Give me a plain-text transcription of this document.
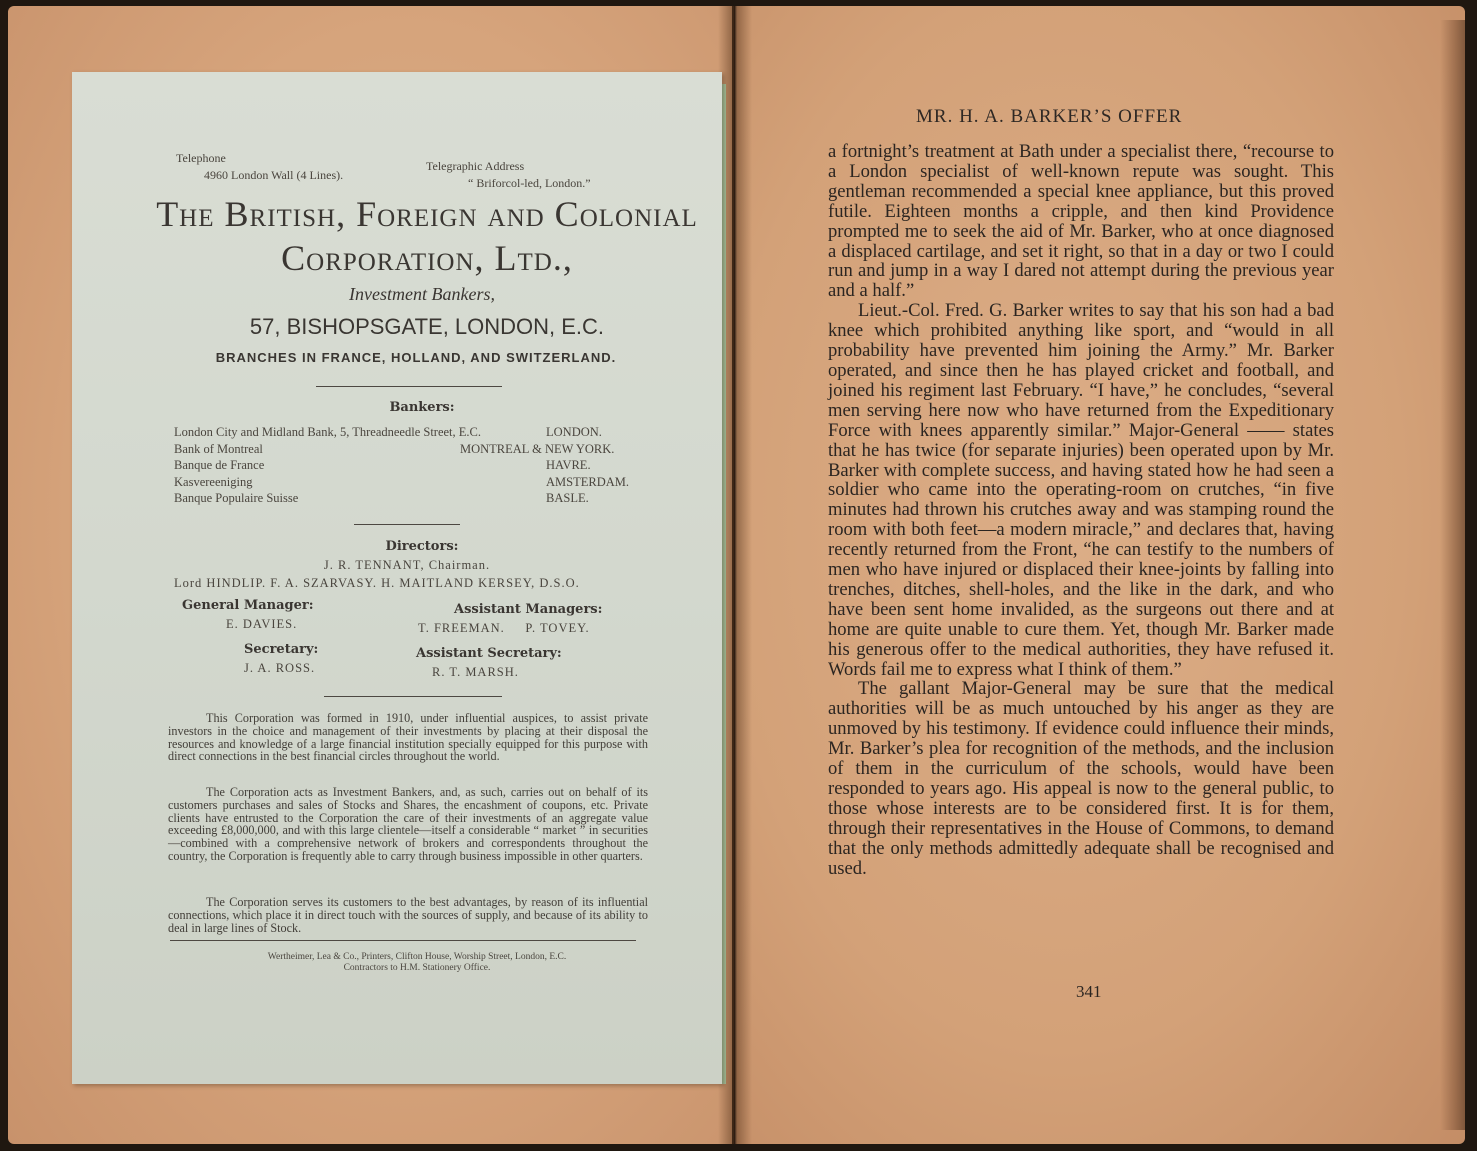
Telephone
4960 London Wall (4 Lines).
Telegraphic Address
“ Briforcol-led, London.”
The British, Foreign and Colonial
Corporation, Ltd.,
Investment Bankers,
57, BISHOPSGATE, LONDON, E.C.
BRANCHES IN FRANCE, HOLLAND, AND SWITZERLAND.
Bankers:
London City and Midland Bank, 5, Threadneedle Street, E.C.	LONDON.
Bank of Montreal	MONTREAL & NEW YORK.
Banque de France	HAVRE.
Kasvereeniging	AMSTERDAM.
Banque Populaire Suisse	BASLE.
Directors:
J. R. TENNANT, Chairman.
Lord HINDLIP. F. A. SZARVASY. H. MAITLAND KERSEY, D.S.O.
General Manager:
E. DAVIES.
Assistant Managers:
T. FREEMAN.     P. TOVEY.
Secretary:
J. A. ROSS.
Assistant Secretary:
R. T. MARSH.

This Corporation was formed in 1910, under influential auspices, to assist private investors in the choice and management of their investments by placing at their disposal the resources and knowledge of a large financial institution specially equipped for this purpose with direct connections in the best financial circles throughout the world.

The Corporation acts as Investment Bankers, and, as such, carries out on behalf of its customers purchases and sales of Stocks and Shares, the encashment of coupons, etc. Private clients have entrusted to the Corporation the care of their investments of an aggregate value exceeding £8,000,000, and with this large clientele—itself a considerable “ market ” in securities—combined with a comprehensive network of brokers and correspondents throughout the country, the Corporation is frequently able to carry through business impossible in other quarters.

The Corporation serves its customers to the best advantages, by reason of its influential connections, which place it in direct touch with the sources of supply, and because of its ability to deal in large lines of Stock.

Wertheimer, Lea & Co., Printers, Clifton House, Worship Street, London, E.C.
Contractors to H.M. Stationery Office.
MR. H. A. BARKER’S OFFER

a fortnight’s treatment at Bath under a specialist there, “recourse to a London specialist of well-known repute was sought. This gentleman recommended a special knee appliance, but this proved futile. Eighteen months a cripple, and then kind Providence prompted me to seek the aid of Mr. Barker, who at once diagnosed a displaced cartilage, and set it right, so that in a day or two I could run and jump in a way I dared not attempt during the previous year and a half.”

Lieut.-Col. Fred. G. Barker writes to say that his son had a bad knee which prohibited anything like sport, and “would in all probability have prevented him joining the Army.” Mr. Barker operated, and since then he has played cricket and football, and joined his regiment last February. “I have,” he concludes, “several men serving here now who have returned from the Expeditionary Force with knees apparently similar.” Major-General —— states that he has twice (for separate injuries) been operated upon by Mr. Barker with complete success, and having stated how he had seen a soldier who came into the operating-room on crutches, “in five minutes had thrown his crutches away and was stamping round the room with both feet—a modern miracle,” and declares that, having recently returned from the Front, “he can testify to the numbers of men who have injured or displaced their knee-joints by falling into trenches, ditches, shell-holes, and the like in the dark, and who have been sent home invalided, as the surgeons out there and at home are quite unable to cure them. Yet, though Mr. Barker made his generous offer to the medical authorities, they have refused it. Words fail me to express what I think of them.”

The gallant Major-General may be sure that the medical authorities will be as much untouched by his anger as they are unmoved by his testimony. If evidence could influence their minds, Mr. Barker’s plea for recognition of the methods, and the inclusion of them in the curriculum of the schools, would have been responded to years ago. His appeal is now to the general public, to those whose interests are to be considered first. It is for them, through their representatives in the House of Commons, to demand that the only methods admittedly adequate shall be recognised and used.

341
